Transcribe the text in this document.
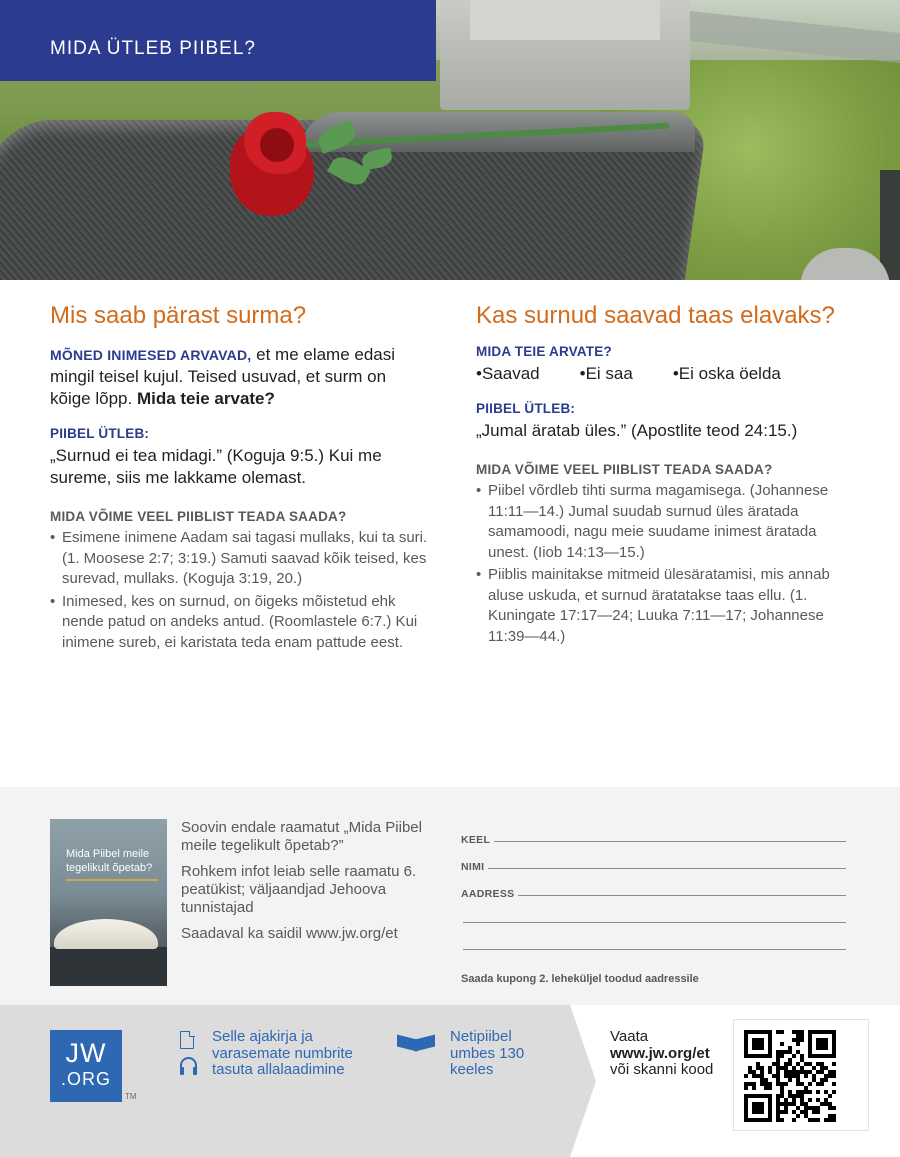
MIDA ÜTLEB PIIBEL?
Mis saab pärast surma?

MÕNED INIMESED ARVAVAD, et me elame edasi mingil teisel kujul. Teised usuvad, et surm on kõige lõpp. Mida teie arvate?

PIIBEL ÜTLEB:

„Surnud ei tea midagi.” (Koguja 9:5.) Kui me sureme, siis me lakkame olemast.

MIDA VÕIME VEEL PIIBLIST TEADA SAADA?
• Esimene inimene Aadam sai tagasi mullaks, kui ta suri. (1. Moosese 2:7; 3:19.) Samuti saavad kõik teised, kes surevad, mullaks. (Koguja 3:19, 20.)
• Inimesed, kes on surnud, on õigeks mõistetud ehk nende patud on andeks antud. (Roomlastele 6:7.) Kui inimene sureb, ei karistata teda enam pattude eest.
Kas surnud saavad taas elavaks?
MIDA TEIE ARVATE?
• Saavad	• Ei saa	• Ei oska öelda
PIIBEL ÜTLEB:

„Jumal äratab üles.” (Apostlite teod 24:15.)

MIDA VÕIME VEEL PIIBLIST TEADA SAADA?
• Piibel võrdleb tihti surma magamisega. (Johannese 11:11—14.) Jumal suudab surnud üles äratada samamoodi, nagu meie suudame inimest äratada unest. (Iiob 14:13—15.)
• Piiblis mainitakse mitmeid ülesäratamisi, mis annab aluse uskuda, et surnud äratatakse taas ellu. (1. Kuningate 17:17—24; Luuka 7:11—17; Johannese 11:39—44.)
Mida Piibel meile tegelikult õpetab?

Soovin endale raamatut „Mida Piibel meile tegelikult õpetab?”

Rohkem infot leiab selle raamatu 6. peatükist; väljaandjad Jehoova tunnistajad

Saadaval ka saidil www.jw.org/et

KEEL
NIMI
AADRESS
Saada kupong 2. leheküljel toodud aadressile
JW
.ORG
TM
Selle ajakirja ja varasemate numbrite tasuta allalaadimine
Netipiibel umbes 130 keeles
Vaata
www.jw.org/et
või skanni kood
